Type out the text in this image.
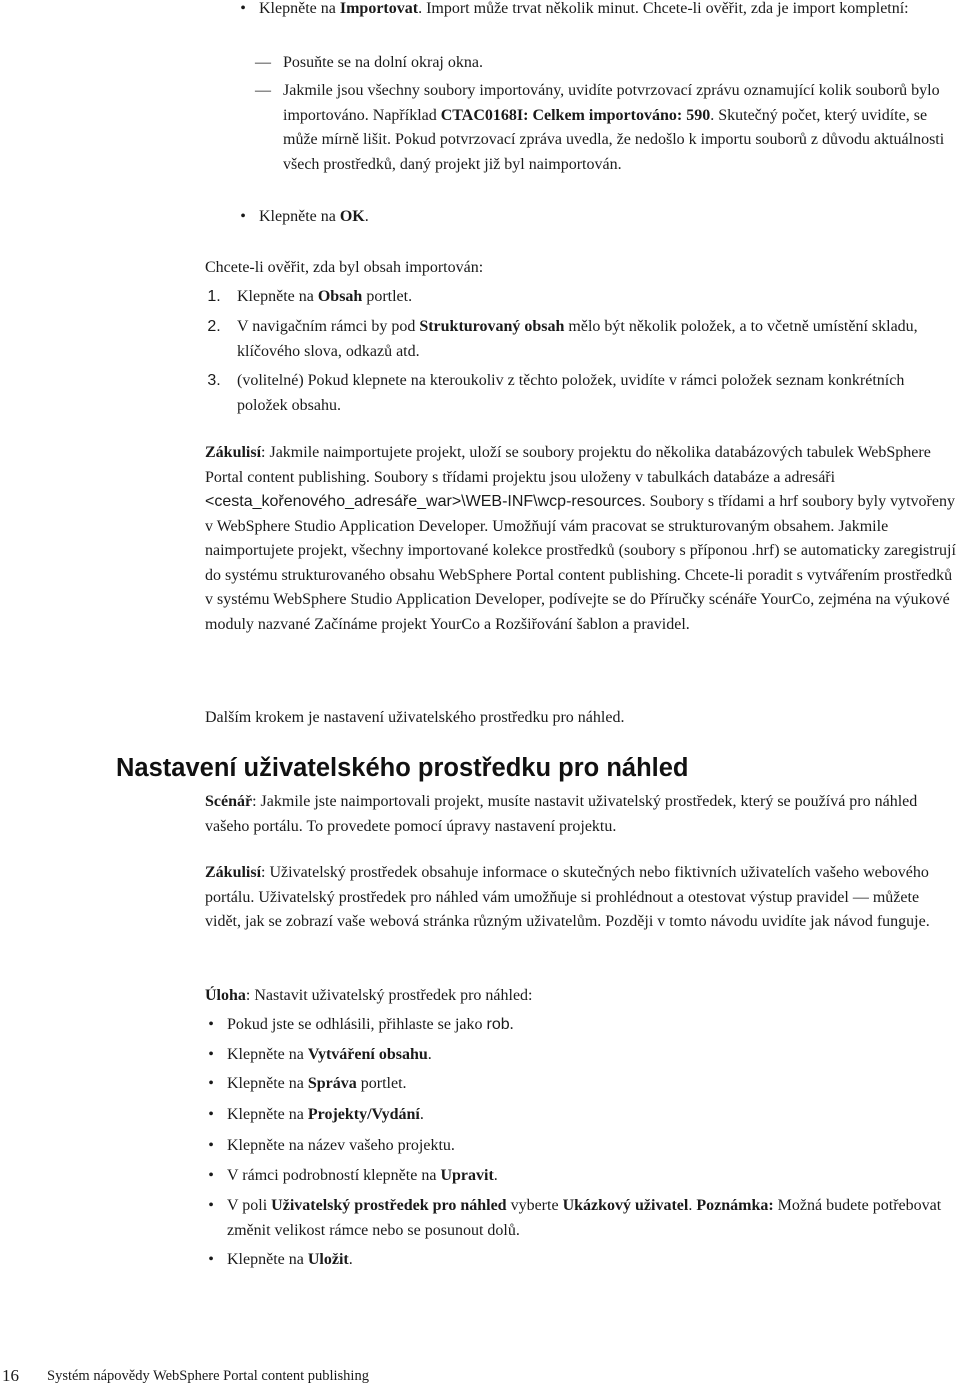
• Klepněte na Importovat. Import může trvat několik minut. Chcete-li ověřit, zda je import kompletní:
— Posuňte se na dolní okraj okna.
— Jakmile jsou všechny soubory importovány, uvidíte potvrzovací zprávu oznamující kolik souborů bylo importováno. Například CTAC0168I: Celkem importováno: 590. Skutečný počet, který uvidíte, se může mírně lišit. Pokud potvrzovací zpráva uvedla, že nedošlo k importu souborů z důvodu aktuálnosti všech prostředků, daný projekt již byl naimportován.
• Klepněte na OK.
Chcete-li ověřit, zda byl obsah importován:
1. Klepněte na Obsah portlet.
2. V navigačním rámci by pod Strukturovaný obsah mělo být několik položek, a to včetně umístění skladu, klíčového slova, odkazů atd.
3. (volitelné) Pokud klepnete na kteroukoliv z těchto položek, uvidíte v rámci položek seznam konkrétních položek obsahu.
Zákulisí: Jakmile naimportujete projekt, uloží se soubory projektu do několika databázových tabulek WebSphere Portal content publishing. Soubory s třídami projektu jsou uloženy v tabulkách databáze a adresáři <cesta_kořenového_adresáře_war>\WEB-INF\wcp-resources. Soubory s třídami a hrf soubory byly vytvořeny v WebSphere Studio Application Developer. Umožňují vám pracovat se strukturovaným obsahem. Jakmile naimportujete projekt, všechny importované kolekce prostředků (soubory s příponou .hrf) se automaticky zaregistrují do systému strukturovaného obsahu WebSphere Portal content publishing. Chcete-li poradit s vytvářením prostředků v systému WebSphere Studio Application Developer, podívejte se do Příručky scénáře YourCo, zejména na výukové moduly nazvané Začínáme projekt YourCo a Rozšiřování šablon a pravidel.
Dalším krokem je nastavení uživatelského prostředku pro náhled.
Nastavení uživatelského prostředku pro náhled
Scénář: Jakmile jste naimportovali projekt, musíte nastavit uživatelský prostředek, který se používá pro náhled vašeho portálu. To provedete pomocí úpravy nastavení projektu.
Zákulisí: Uživatelský prostředek obsahuje informace o skutečných nebo fiktivních uživatelích vašeho webového portálu. Uživatelský prostředek pro náhled vám umožňuje si prohlédnout a otestovat výstup pravidel — můžete vidět, jak se zobrazí vaše webová stránka různým uživatelům. Později v tomto návodu uvidíte jak návod funguje.
Úloha: Nastavit uživatelský prostředek pro náhled:
• Pokud jste se odhlásili, přihlaste se jako rob.
• Klepněte na Vytváření obsahu.
• Klepněte na Správa portlet.
• Klepněte na Projekty/Vydání.
• Klepněte na název vašeho projektu.
• V rámci podrobností klepněte na Upravit.
• V poli Uživatelský prostředek pro náhled vyberte Ukázkový uživatel. Poznámka: Možná budete potřebovat změnit velikost rámce nebo se posunout dolů.
• Klepněte na Uložit.
16 Systém nápovědy WebSphere Portal content publishing
